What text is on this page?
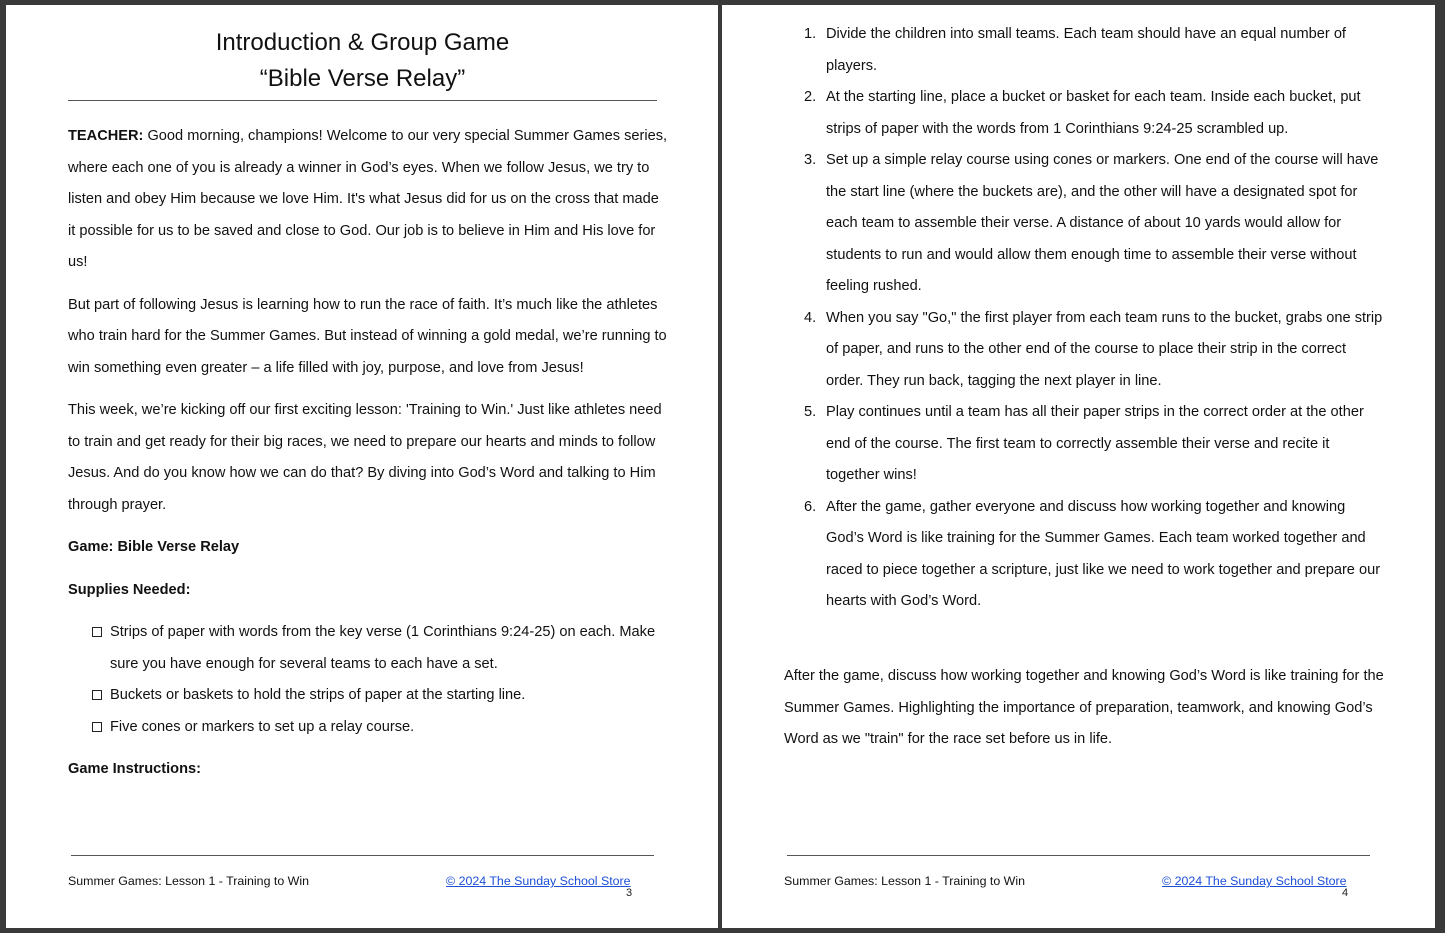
Introduction & Group Game
“Bible Verse Relay”

TEACHER: Good morning, champions! Welcome to our very special Summer Games series, where each one of you is already a winner in God’s eyes. When we follow Jesus, we try to listen and obey Him because we love Him. It's what Jesus did for us on the cross that made it possible for us to be saved and close to God. Our job is to believe in Him and His love for us!

But part of following Jesus is learning how to run the race of faith. It’s much like the athletes who train hard for the Summer Games. But instead of winning a gold medal, we’re running to win something even greater – a life filled with joy, purpose, and love from Jesus!

This week, we’re kicking off our first exciting lesson: 'Training to Win.' Just like athletes need to train and get ready for their big races, we need to prepare our hearts and minds to follow Jesus. And do you know how we can do that? By diving into God’s Word and talking to Him through prayer.

Game: Bible Verse Relay
Supplies Needed:
Strips of paper with words from the key verse (1 Corinthians 9:24-25) on each. Make sure you have enough for several teams to each have a set.
Buckets or baskets to hold the strips of paper at the starting line.
Five cones or markers to set up a relay course.
Game Instructions:
Summer Games: Lesson 1 - Training to Win	© 2024 The Sunday School Store
3
1. Divide the children into small teams. Each team should have an equal number of players.
2. At the starting line, place a bucket or basket for each team. Inside each bucket, put strips of paper with the words from 1 Corinthians 9:24-25 scrambled up.
3. Set up a simple relay course using cones or markers. One end of the course will have the start line (where the buckets are), and the other will have a designated spot for each team to assemble their verse. A distance of about 10 yards would allow for students to run and would allow them enough time to assemble their verse without feeling rushed.
4. When you say "Go," the first player from each team runs to the bucket, grabs one strip of paper, and runs to the other end of the course to place their strip in the correct order. They run back, tagging the next player in line.
5. Play continues until a team has all their paper strips in the correct order at the other end of the course. The first team to correctly assemble their verse and recite it together wins!
6. After the game, gather everyone and discuss how working together and knowing God’s Word is like training for the Summer Games. Each team worked together and raced to piece together a scripture, just like we need to work together and prepare our hearts with God’s Word.

After the game, discuss how working together and knowing God’s Word is like training for the Summer Games. Highlighting the importance of preparation, teamwork, and knowing God’s Word as we "train" for the race set before us in life.

Summer Games: Lesson 1 - Training to Win	© 2024 The Sunday School Store
4
